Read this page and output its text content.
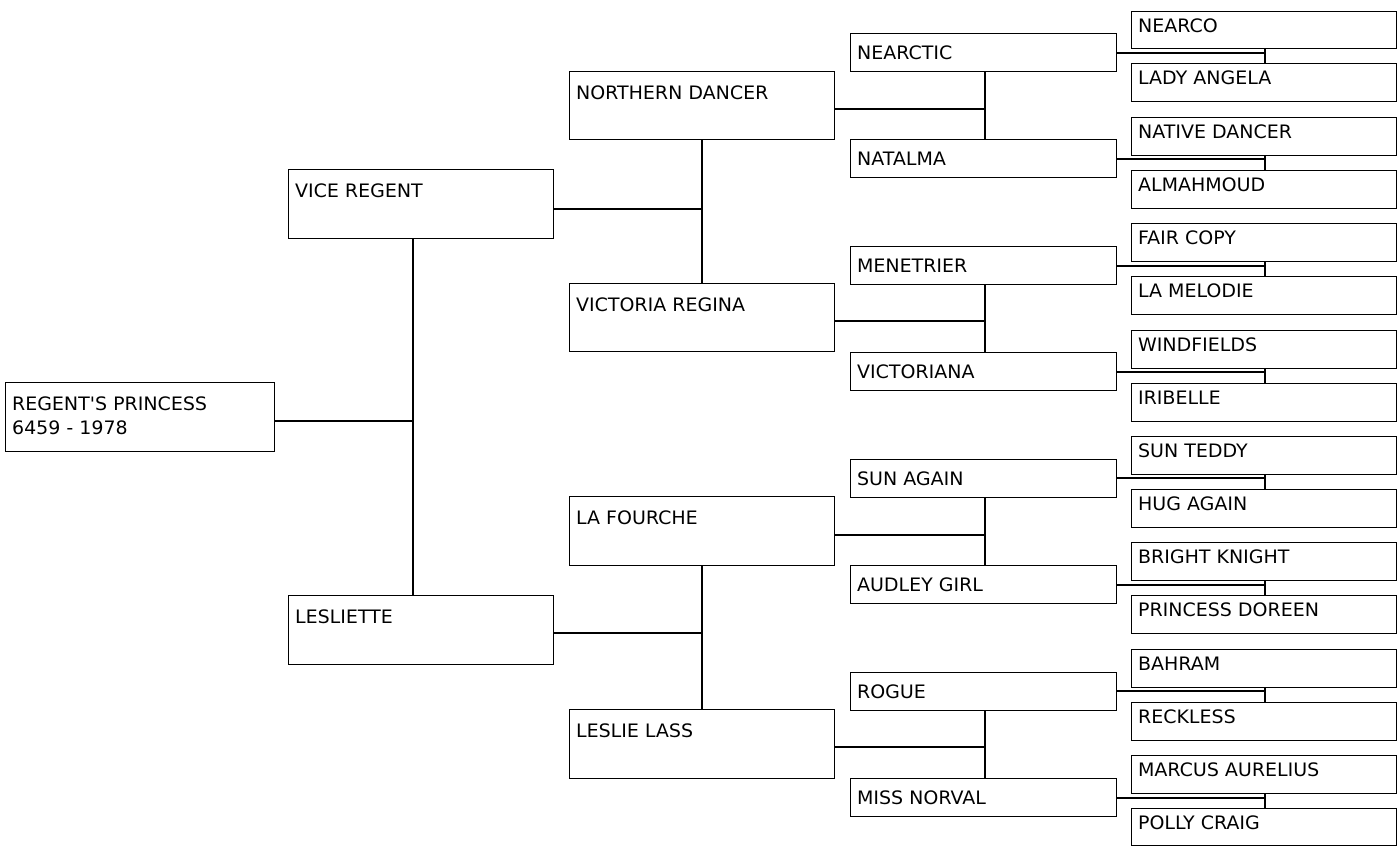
REGENT'S PRINCESS
6459 - 1978
VICE REGENT
LESLIETTE
NORTHERN DANCER
VICTORIA REGINA
LA FOURCHE
LESLIE LASS
NEARCTIC
NATALMA
MENETRIER
VICTORIANA
SUN AGAIN
AUDLEY GIRL
ROGUE
MISS NORVAL
NEARCO
LADY ANGELA
NATIVE DANCER
ALMAHMOUD
FAIR COPY
LA MELODIE
WINDFIELDS
IRIBELLE
SUN TEDDY
HUG AGAIN
BRIGHT KNIGHT
PRINCESS DOREEN
BAHRAM
RECKLESS
MARCUS AURELIUS
POLLY CRAIG
